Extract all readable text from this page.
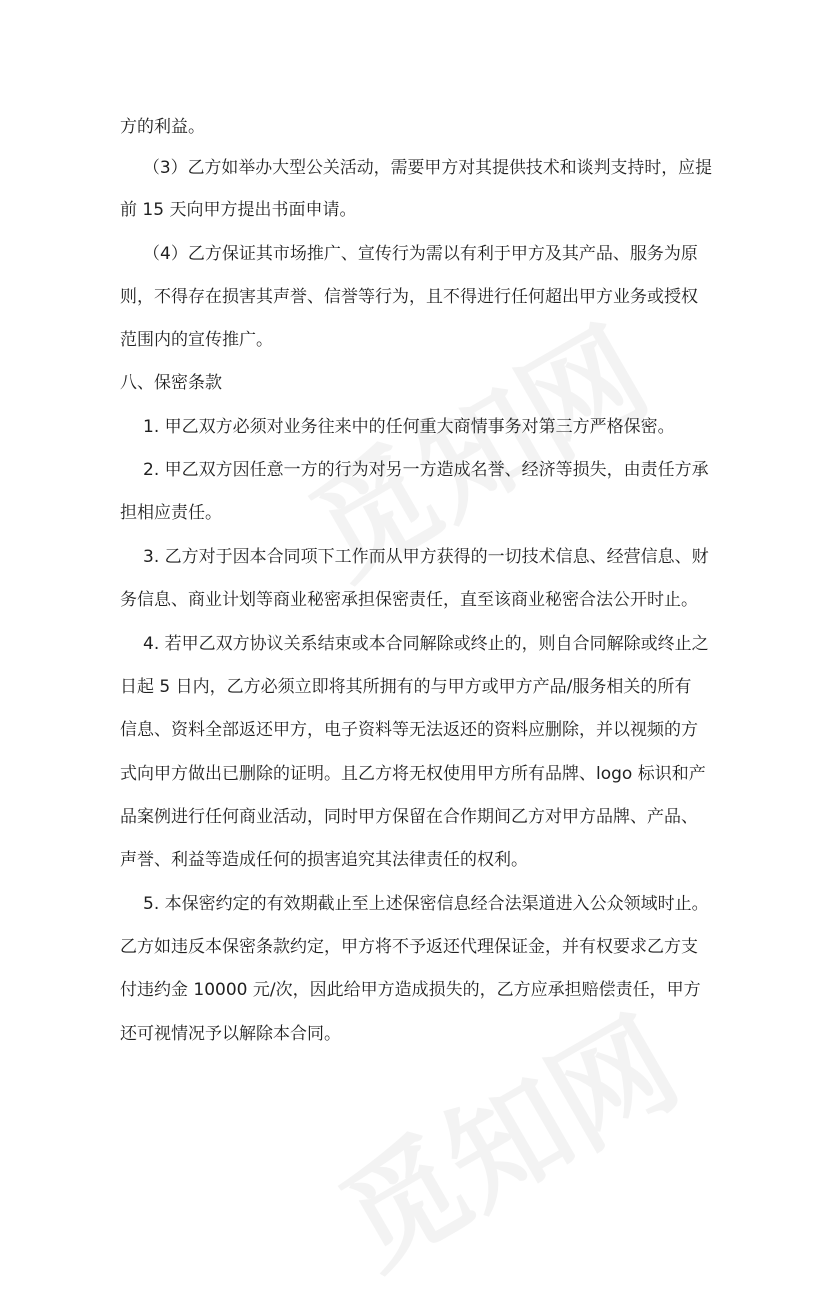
方的利益。
（3）乙方如举办大型公关活动，需要甲方对其提供技术和谈判支持时，应提
前 15 天向甲方提出书面申请。
（4）乙方保证其市场推广、宣传行为需以有利于甲方及其产品、服务为原
则，不得存在损害其声誉、信誉等行为，且不得进行任何超出甲方业务或授权
范围内的宣传推广。
八、保密条款
1. 甲乙双方必须对业务往来中的任何重大商情事务对第三方严格保密。
2. 甲乙双方因任意一方的行为对另一方造成名誉、经济等损失，由责任方承
担相应责任。
3. 乙方对于因本合同项下工作而从甲方获得的一切技术信息、经营信息、财
务信息、商业计划等商业秘密承担保密责任，直至该商业秘密合法公开时止。
4. 若甲乙双方协议关系结束或本合同解除或终止的，则自合同解除或终止之
日起 5 日内，乙方必须立即将其所拥有的与甲方或甲方产品/服务相关的所有
信息、资料全部返还甲方，电子资料等无法返还的资料应删除，并以视频的方
式向甲方做出已删除的证明。且乙方将无权使用甲方所有品牌、logo 标识和产
品案例进行任何商业活动，同时甲方保留在合作期间乙方对甲方品牌、产品、
声誉、利益等造成任何的损害追究其法律责任的权利。
5. 本保密约定的有效期截止至上述保密信息经合法渠道进入公众领域时止。
乙方如违反本保密条款约定，甲方将不予返还代理保证金，并有权要求乙方支
付违约金 10000 元/次，因此给甲方造成损失的，乙方应承担赔偿责任，甲方
还可视情况予以解除本合同。
